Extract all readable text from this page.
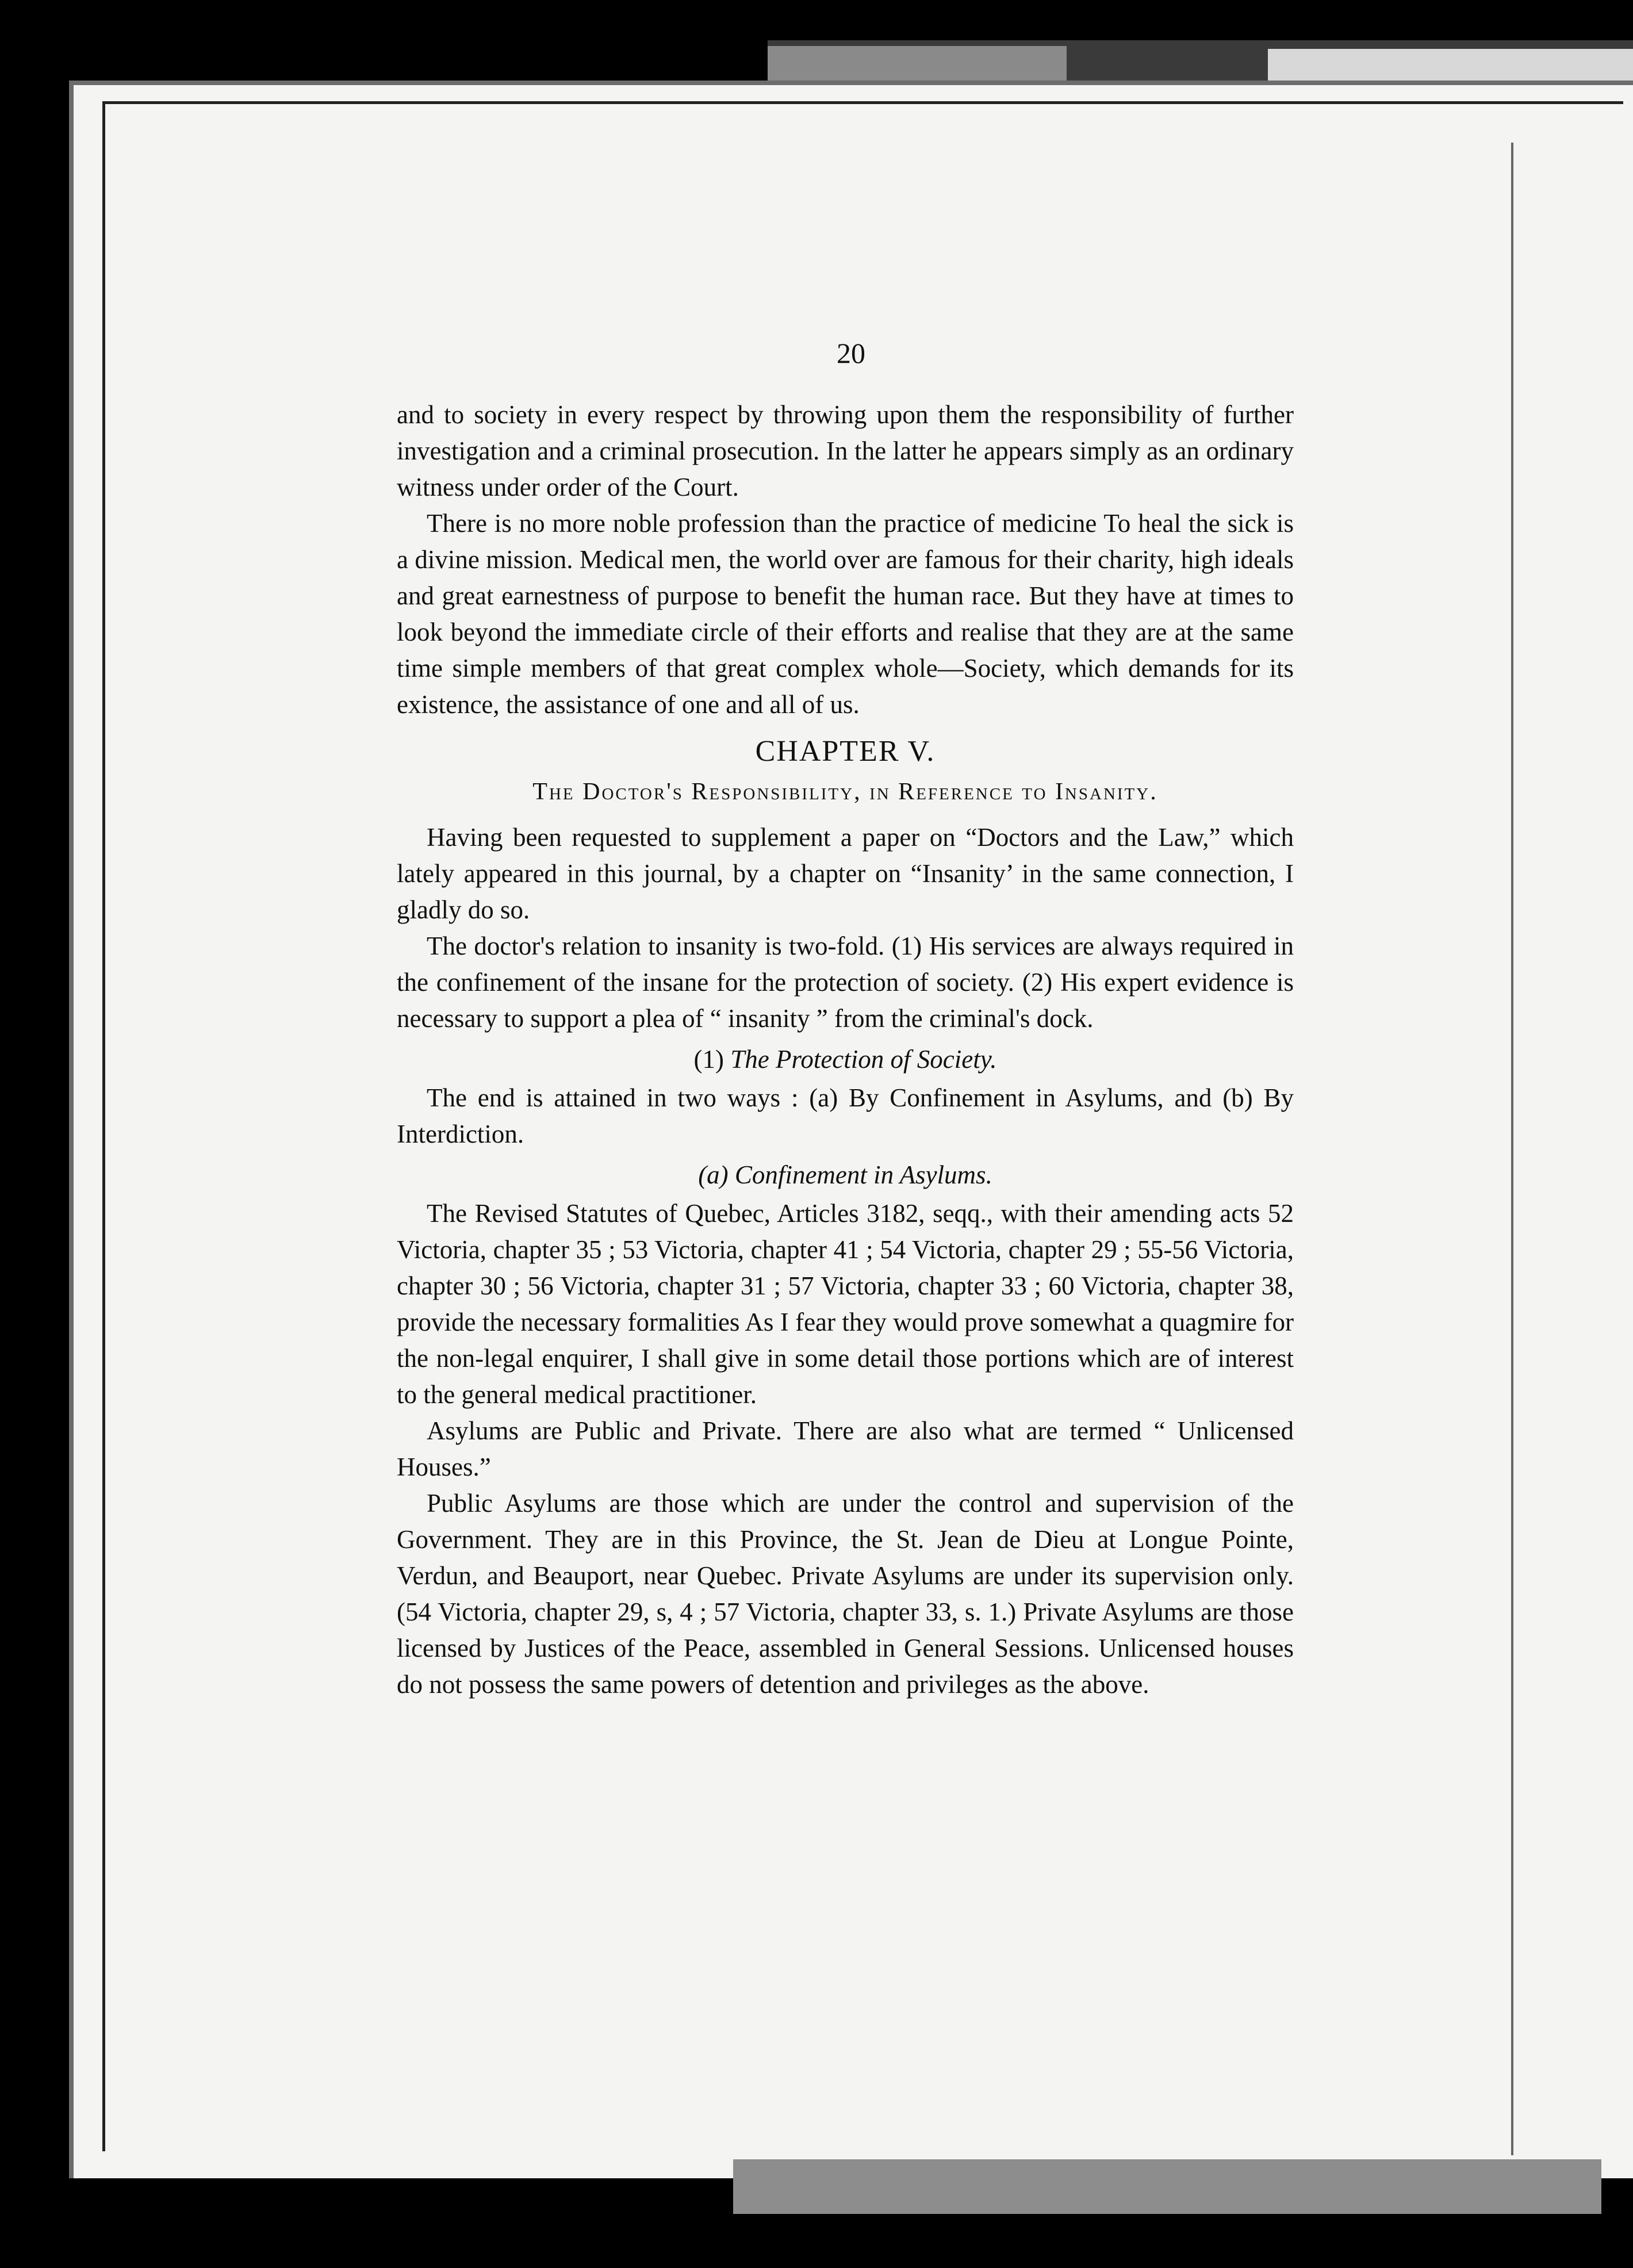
20

and to society in every respect by throwing upon them the responsibility of further investigation and a criminal prosecution. In the latter he appears simply as an ordinary witness under order of the Court.

There is no more noble profession than the practice of medicine To heal the sick is a divine mission. Medical men, the world over are famous for their charity, high ideals and great earnestness of purpose to benefit the human race. But they have at times to look beyond the immediate circle of their efforts and realise that they are at the same time simple members of that great complex whole—Society, which demands for its existence, the assistance of one and all of us.

CHAPTER V.
The Doctor's Responsibility, in Reference to Insanity.

Having been requested to supplement a paper on “Doctors and the Law,” which lately appeared in this journal, by a chapter on “Insanity’ in the same connection, I gladly do so.

The doctor's relation to insanity is two-fold. (1) His services are always required in the confinement of the insane for the protection of society. (2) His expert evidence is necessary to support a plea of “ insanity ” from the criminal's dock.

(1) The Protection of Society.

The end is attained in two ways : (a) By Confinement in Asylums, and (b) By Interdiction.

(a) Confinement in Asylums.

The Revised Statutes of Quebec, Articles 3182, seqq., with their amending acts 52 Victoria, chapter 35 ; 53 Victoria, chapter 41 ; 54 Victoria, chapter 29 ; 55-56 Victoria, chapter 30 ; 56 Victoria, chapter 31 ; 57 Victoria, chapter 33 ; 60 Victoria, chapter 38, provide the necessary formalities As I fear they would prove somewhat a quagmire for the non-legal enquirer, I shall give in some detail those portions which are of interest to the general medical practitioner.

Asylums are Public and Private. There are also what are termed “ Unlicensed Houses.”

Public Asylums are those which are under the control and supervision of the Government. They are in this Province, the St. Jean de Dieu at Longue Pointe, Verdun, and Beauport, near Quebec. Private Asylums are under its supervision only. (54 Victoria, chapter 29, s, 4 ; 57 Victoria, chapter 33, s. 1.) Private Asylums are those licensed by Justices of the Peace, assembled in General Sessions. Unlicensed houses do not possess the same powers of detention and privileges as the above.
